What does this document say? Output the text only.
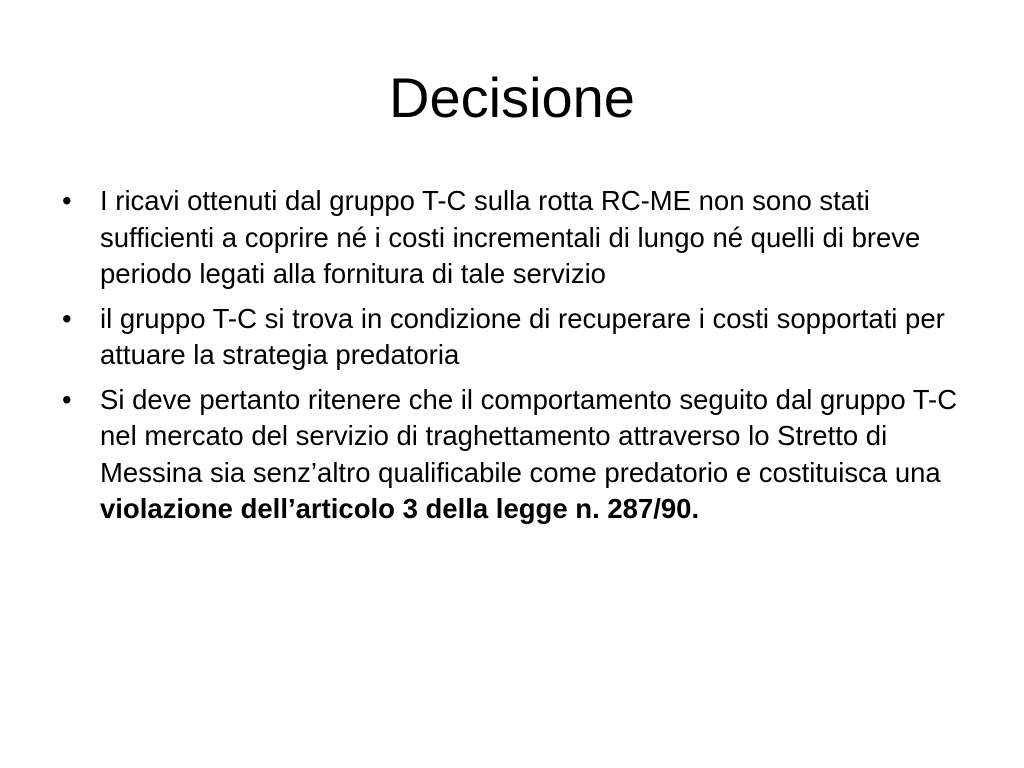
Decisione
• I ricavi ottenuti dal gruppo T-C sulla rotta RC-ME non sono stati sufficienti a coprire né i costi incrementali di lungo né quelli di breve periodo legati alla fornitura di tale servizio
• il gruppo T-C si trova in condizione di recuperare i costi sopportati per attuare la strategia predatoria
• Si deve pertanto ritenere che il comportamento seguito dal gruppo T-C nel mercato del servizio di traghettamento attraverso lo Stretto di Messina sia senz’altro qualificabile come predatorio e costituisca una violazione dell’articolo 3 della legge n. 287/90.
